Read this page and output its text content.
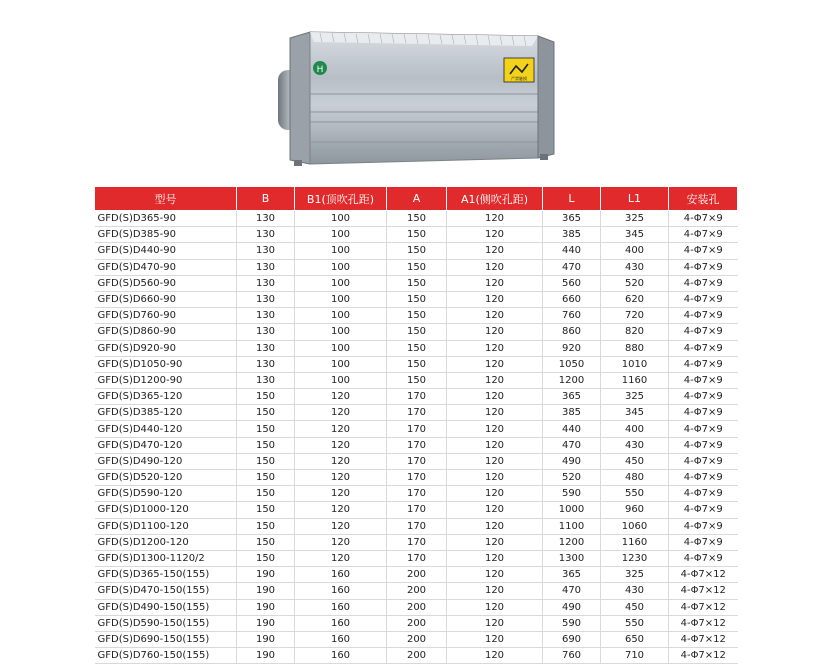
H
严禁触摸
型号	B	B1(顶吹孔距)	A	A1(侧吹孔距)	L	L1	安装孔
GFD(S)D365-90	130	100	150	120	365	325	4-Φ7×9
GFD(S)D385-90	130	100	150	120	385	345	4-Φ7×9
GFD(S)D440-90	130	100	150	120	440	400	4-Φ7×9
GFD(S)D470-90	130	100	150	120	470	430	4-Φ7×9
GFD(S)D560-90	130	100	150	120	560	520	4-Φ7×9
GFD(S)D660-90	130	100	150	120	660	620	4-Φ7×9
GFD(S)D760-90	130	100	150	120	760	720	4-Φ7×9
GFD(S)D860-90	130	100	150	120	860	820	4-Φ7×9
GFD(S)D920-90	130	100	150	120	920	880	4-Φ7×9
GFD(S)D1050-90	130	100	150	120	1050	1010	4-Φ7×9
GFD(S)D1200-90	130	100	150	120	1200	1160	4-Φ7×9
GFD(S)D365-120	150	120	170	120	365	325	4-Φ7×9
GFD(S)D385-120	150	120	170	120	385	345	4-Φ7×9
GFD(S)D440-120	150	120	170	120	440	400	4-Φ7×9
GFD(S)D470-120	150	120	170	120	470	430	4-Φ7×9
GFD(S)D490-120	150	120	170	120	490	450	4-Φ7×9
GFD(S)D520-120	150	120	170	120	520	480	4-Φ7×9
GFD(S)D590-120	150	120	170	120	590	550	4-Φ7×9
GFD(S)D1000-120	150	120	170	120	1000	960	4-Φ7×9
GFD(S)D1100-120	150	120	170	120	1100	1060	4-Φ7×9
GFD(S)D1200-120	150	120	170	120	1200	1160	4-Φ7×9
GFD(S)D1300-1120/2	150	120	170	120	1300	1230	4-Φ7×9
GFD(S)D365-150(155)	190	160	200	120	365	325	4-Φ7×12
GFD(S)D470-150(155)	190	160	200	120	470	430	4-Φ7×12
GFD(S)D490-150(155)	190	160	200	120	490	450	4-Φ7×12
GFD(S)D590-150(155)	190	160	200	120	590	550	4-Φ7×12
GFD(S)D690-150(155)	190	160	200	120	690	650	4-Φ7×12
GFD(S)D760-150(155)	190	160	200	120	760	710	4-Φ7×12
